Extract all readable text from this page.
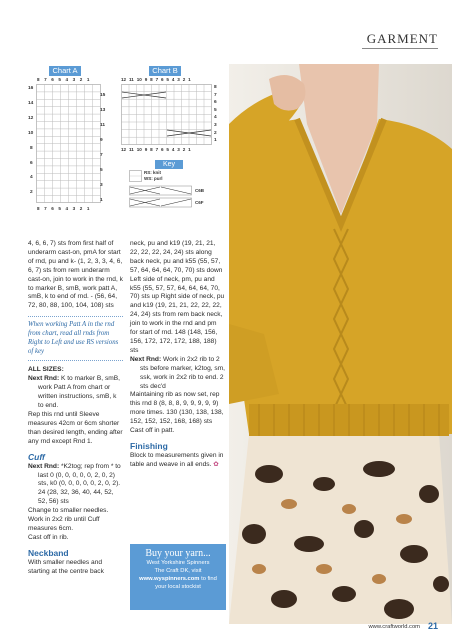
GARMENT
Chart A
8 7 6 5 4 3 2 1
16
14
12
10
8
6
4
2
15
13
11
9
7
5
3
1
8 7 6 5 4 3 2 1
Chart B
12 11 10 9 8 7 6 5 4 3 2 1
8
7
6
5
4
3
2
1
12 11 10 9 8 7 6 5 4 3 2 1
Key
RS: knit
WS: purl
C6B
C6F

4, 6, 6, 7) sts from first half of underarm cast-on, pmA for start of rnd, pu and k- (1, 2, 3, 3, 4, 6, 6, 7) sts from rem underarm cast-on, join to work in the rnd, k to marker B, smB, work patt A, smB, k to end of rnd. - (56, 64, 72, 80, 88, 100, 104, 108) sts

When working Patt A in the rnd from chart, read all rnds from Right to Left and use RS versions of key

ALL SIZES:

Next Rnd: K to marker B, smB, work Patt A from chart or written instructions, smB, k to end.

Rep this rnd until Sleeve measures 42cm or 6cm shorter than desired length, ending after any rnd except Rnd 1.

Cuff

Next Rnd: *K2tog; rep from * to last 0 (0, 0, 0, 0, 0, 2, 0, 2) sts, k0 (0, 0, 0, 0, 0, 2, 0, 2). 24 (28, 32, 36, 40, 44, 52, 52, 56) sts

Change to smaller needles.

Work in 2x2 rib until Cuff measures 6cm.

Cast off in rib.

Neckband

With smaller needles and starting at the centre back

neck, pu and k19 (19, 21, 21, 22, 22, 22, 24, 24) sts along back neck, pu and k55 (55, 57, 57, 64, 64, 64, 70, 70) sts down Left side of neck, pm, pu and k55 (55, 57, 57, 64, 64, 64, 70, 70) sts up Right side of neck, pu and k19 (19, 21, 21, 22, 22, 22, 24, 24) sts from rem back neck, join to work in the rnd and pm for start of rnd. 148 (148, 156, 156, 172, 172, 172, 188, 188) sts

Next Rnd: Work in 2x2 rib to 2 sts before marker, k2tog, sm, ssk, work in 2x2 rib to end. 2 sts dec'd

Maintaining rib as now set, rep this rnd 8 (8, 8, 8, 9, 9, 9, 9, 9) more times. 130 (130, 138, 138, 152, 152, 152, 168, 168) sts

Cast off in patt.

Finishing

Block to measurements given in table and weave in all ends. ✿

Buy your yarn...
West Yorkshire Spinners
The Craft DK, visit
www.wyspinners.com to find
your local stockist
www.craftworld.com 21
